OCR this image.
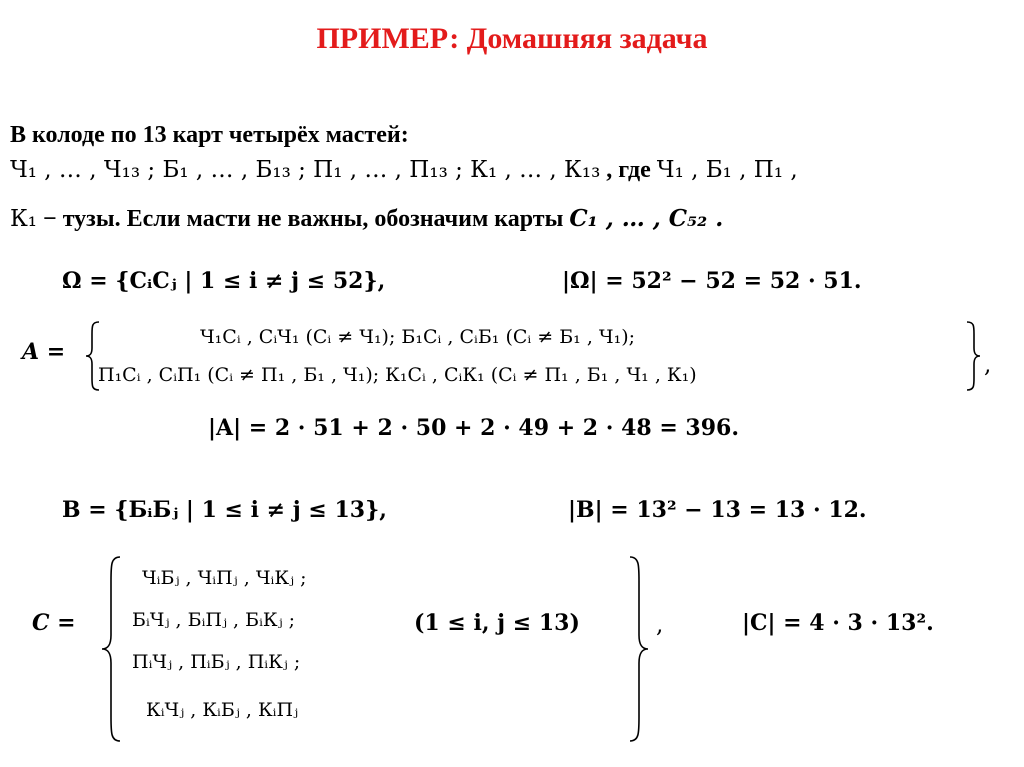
ПРИМЕР: Домашняя задача
В колоде по 13 карт четырёх мастей:
Ч₁ , … , Ч₁₃ ; Б₁ , … , Б₁₃ ; П₁ , … , П₁₃ ; К₁ , … , К₁₃ , где Ч₁ , Б₁ , П₁ ,
К₁ − тузы. Если масти не важны, обозначим карты C₁ , … , C₅₂ .
Ω = {CᵢCⱼ | 1 ≤ i ≠ j ≤ 52},	|Ω| = 52² − 52 = 52 · 51.
A =
Ч₁Cᵢ , CᵢЧ₁ (Cᵢ ≠ Ч₁); Б₁Cᵢ , CᵢБ₁ (Cᵢ ≠ Б₁ , Ч₁);
П₁Cᵢ , CᵢП₁ (Cᵢ ≠ П₁ , Б₁ , Ч₁); К₁Cᵢ , CᵢК₁ (Cᵢ ≠ П₁ , Б₁ , Ч₁ , К₁)	,
|A| = 2 · 51 + 2 · 50 + 2 · 49 + 2 · 48 = 396.
B = {БᵢБⱼ | 1 ≤ i ≠ j ≤ 13},	|B| = 13² − 13 = 13 · 12.
C =
ЧᵢБⱼ , ЧᵢПⱼ , ЧᵢКⱼ ;
БᵢЧⱼ , БᵢПⱼ , БᵢКⱼ ;	(1 ≤ i, j ≤ 13)
ПᵢЧⱼ , ПᵢБⱼ , ПᵢКⱼ ;
КᵢЧⱼ , КᵢБⱼ , КᵢПⱼ
,	|C| = 4 · 3 · 13².
